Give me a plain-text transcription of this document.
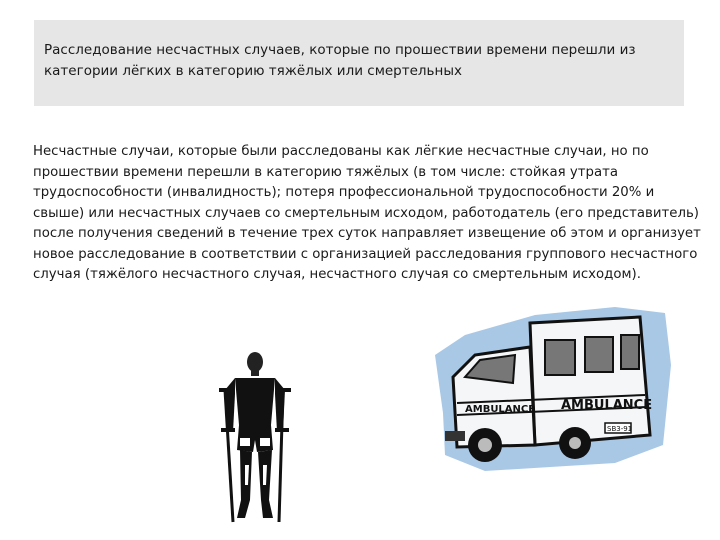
Расследование несчастных случаев, которые по прошествии времени перешли из категории лёгких в категорию тяжёлых или смертельных

Несчастные случаи, которые были расследованы как лёгкие несчастные случаи, но по прошествии времени перешли в категорию тяжёлых (в том числе: стойкая утрата трудоспособности (инвалидность); потеря профессиональной трудоспособности 20% и свыше) или несчастных случаев со смертельным исходом, работодатель (его представитель) после получения сведений в течение трех суток направляет извещение об этом и организует новое расследование в соответствии с организацией расследования группового несчастного случая (тяжёлого несчастного случая, несчастного случая со смертельным исходом).

AMBULANCE AMBULANCE
SB3-91
